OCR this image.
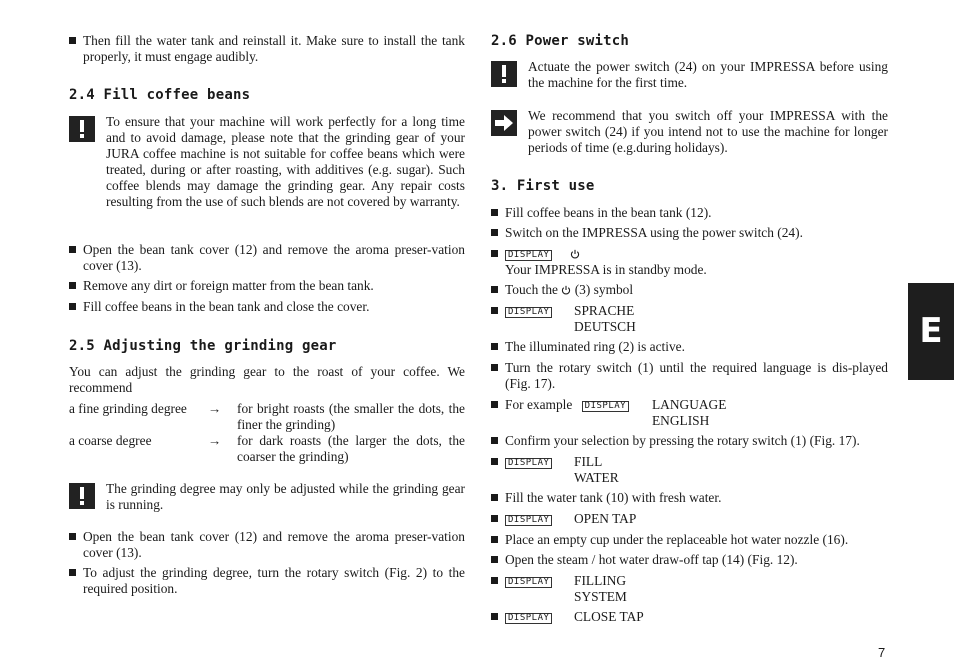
Then fill the water tank and reinstall it. Make sure to install the tank properly, it must engage audibly.
2.4 Fill coffee beans
To ensure that your machine will work perfectly for a long time and to avoid damage, please note that the grinding gear of your JURA coffee machine is not suitable for coffee beans which were treated, during or after roasting, with additives (e.g. sugar). Such coffee blends may damage the grinding gear. Any repair costs resulting from the use of such blends are not covered by warranty.
Open the bean tank cover (12) and remove the aroma preser-vation cover (13).
Remove any dirt or foreign matter from the bean tank.
Fill coffee beans in the bean tank and close the cover.
2.5 Adjusting the grinding gear
You can adjust the grinding gear to the roast of your coffee. We recommend
a fine grinding degree → for bright roasts (the smaller the dots, the finer the grinding)
a coarse degree	→ for dark roasts (the larger the dots, the coarser the grinding)
The grinding degree may only be adjusted while the grinding gear is running.
Open the bean tank cover (12) and remove the aroma preser-vation cover (13).
To adjust the grinding degree, turn the rotary switch (Fig. 2) to the required position.
2.6 Power switch
Actuate the power switch (24) on your IMPRESSA before using the machine for the first time.
We recommend that you switch off your IMPRESSA with the power switch (24) if you intend not to use the machine for longer periods of time (e.g.during holidays).
3. First use
Fill coffee beans in the bean tank (12).
Switch on the IMPRESSA using the power switch (24).
DISPLAY
Your IMPRESSA is in standby mode.
Touch the (3) symbol
DISPLAY SPRACHE
DEUTSCH
The illuminated ring (2) is active.
Turn the rotary switch (1) until the required language is dis-played (Fig. 17).
For example DISPLAY LANGUAGE
ENGLISH
Confirm your selection by pressing the rotary switch (1) (Fig. 17).
DISPLAY FILL
WATER
Fill the water tank (10) with fresh water.
DISPLAY OPEN TAP
Place an empty cup under the replaceable hot water nozzle (16).
Open the steam / hot water draw-off tap (14) (Fig. 12).
DISPLAY FILLING
SYSTEM
DISPLAY CLOSE TAP
E
7
